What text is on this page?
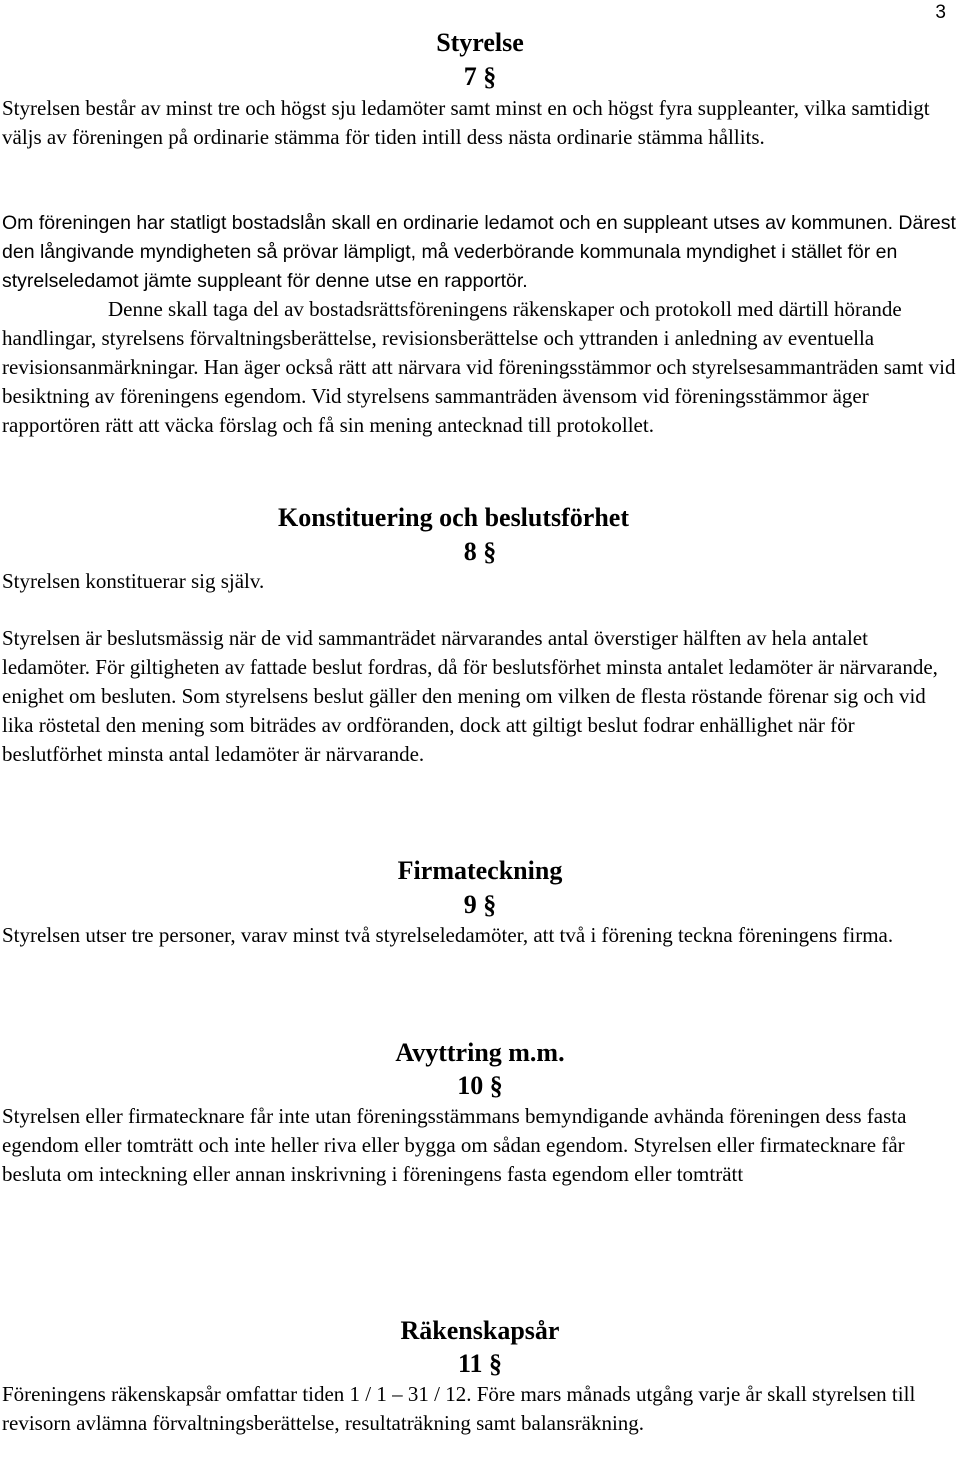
3
Styrelse
7 §

Styrelsen består av minst tre och högst sju ledamöter samt minst en och högst fyra suppleanter, vilka samtidigt väljs av föreningen på ordinarie stämma för tiden intill dess nästa ordinarie stämma hållits.

Om föreningen har statligt bostadslån skall en ordinarie ledamot och en suppleant utses av kommunen. Därest den långivande myndigheten så prövar lämpligt, må vederbörande kommunala myndighet i stället för en styrelseledamot jämte suppleant för denne utse en rapportör.

Denne skall taga del av bostadsrättsföreningens räkenskaper och protokoll med därtill hörande handlingar, styrelsens förvaltningsberättelse, revisionsberättelse och yttranden i anledning av eventuella revisionsanmärkningar. Han äger också rätt att närvara vid föreningsstämmor och styrelsesammanträden samt vid besiktning av föreningens egendom. Vid styrelsens sammanträden ävensom vid föreningsstämmor äger rapportören rätt att väcka förslag och få sin mening antecknad till protokollet.

Konstituering och beslutsförhet
8 §

Styrelsen konstituerar sig själv.

Styrelsen är beslutsmässig när de vid sammanträdet närvarandes antal överstiger hälften av hela antalet ledamöter. För giltigheten av fattade beslut fordras, då för beslutsförhet minsta antalet ledamöter är närvarande, enighet om besluten. Som styrelsens beslut gäller den mening om vilken de flesta röstande förenar sig och vid lika röstetal den mening som biträdes av ordföranden, dock att giltigt beslut fodrar enhällighet när för beslutförhet minsta antal ledamöter är närvarande.

Firmateckning
9 §

Styrelsen utser tre personer, varav minst två styrelseledamöter, att två i förening teckna föreningens firma.

Avyttring m.m.
10 §

Styrelsen eller firmatecknare får inte utan föreningsstämmans bemyndigande avhända föreningen dess fasta egendom eller tomträtt och inte heller riva eller bygga om sådan egendom. Styrelsen eller firmatecknare får besluta om inteckning eller annan inskrivning i föreningens fasta egendom eller tomträtt

Räkenskapsår
11 §

Föreningens räkenskapsår omfattar tiden 1 / 1 – 31 / 12. Före mars månads utgång varje år skall styrelsen till revisorn avlämna förvaltningsberättelse, resultaträkning samt balansräkning.
